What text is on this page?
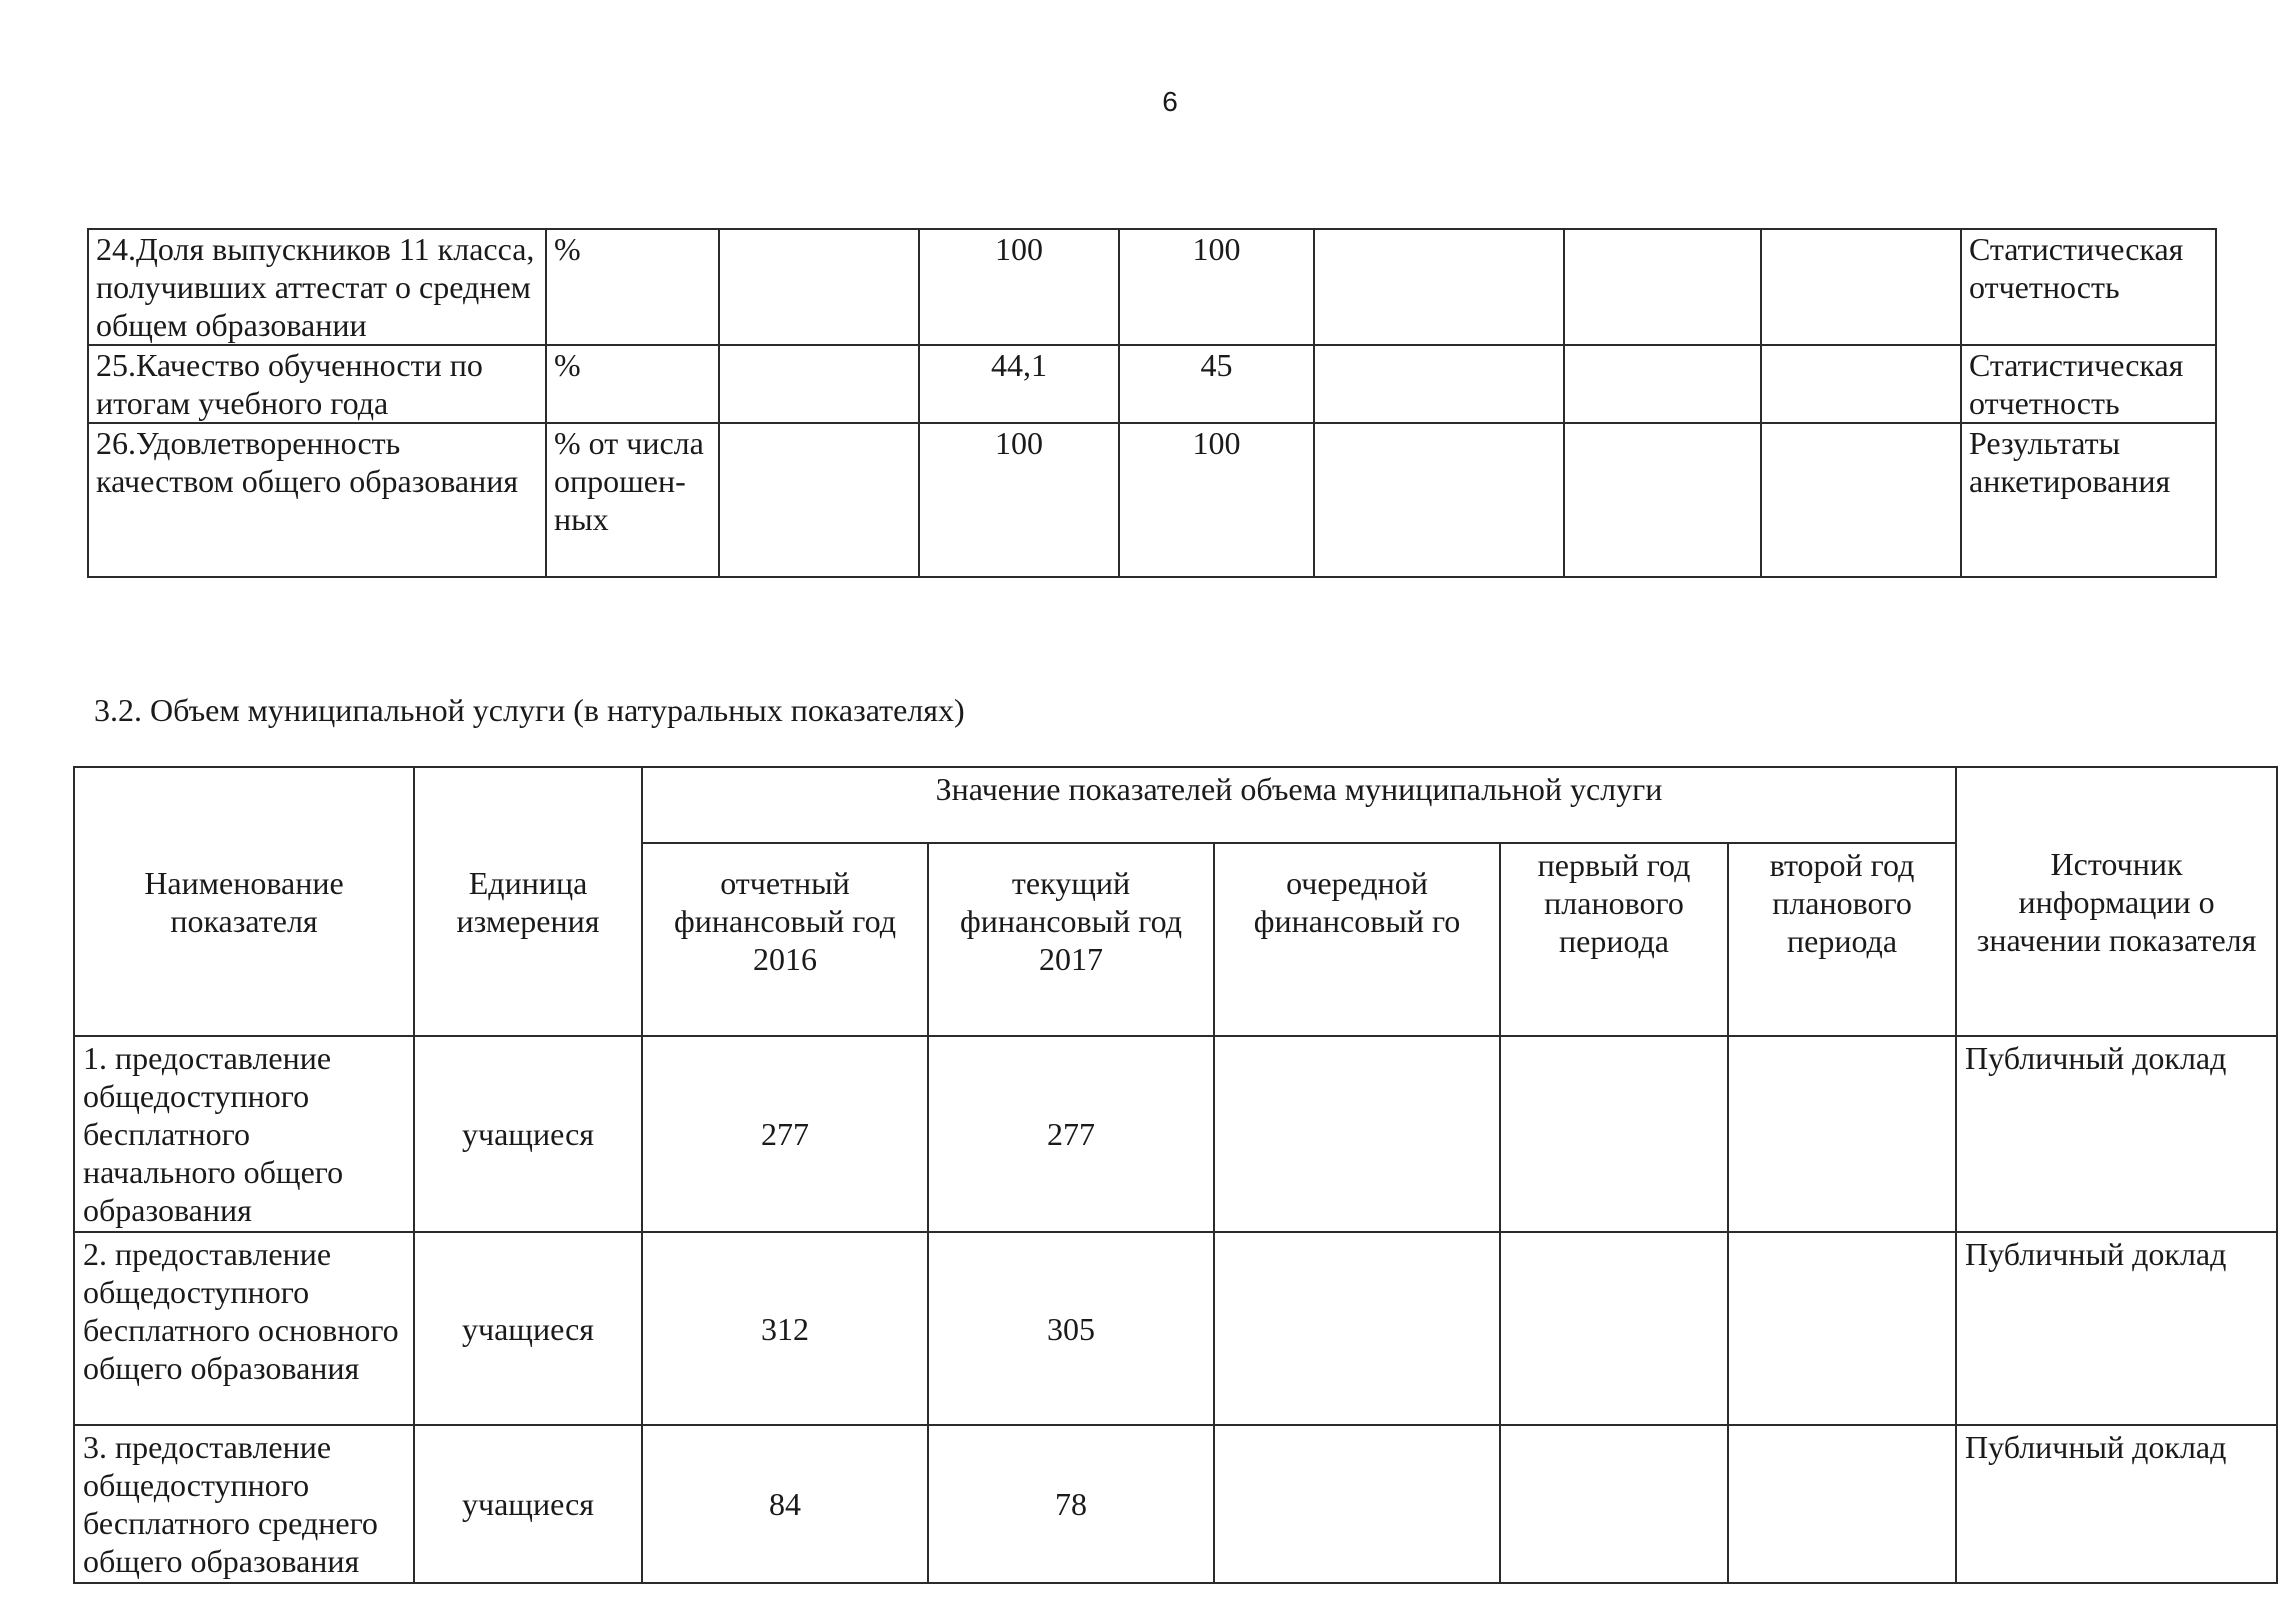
6
24.Доля выпускников 11 класса, получивших аттестат о среднем общем образовании	%		100	100				Статистическая отчетность
25.Качество обученности по итогам учебного года	%		44,1	45				Статистическая отчетность
26.Удовлетворенность качеством общего образования	% от числа опрошен-ных		100	100				Результаты анкетирования
3.2. Объем муниципальной услуги (в натуральных показателях)
Наименование показателя	Единица измерения	Значение показателей объема муниципальной услуги					Источник информации о значении показателя
		отчетный финансовый год 2016	текущий финансовый год 2017	очередной финансовый го	первый год планового периода	второй год планового периода	
1. предоставление общедоступного бесплатного начального общего образования	учащиеся	277	277				Публичный доклад
2. предоставление общедоступного бесплатного основного общего образования	учащиеся	312	305				Публичный доклад
3. предоставление общедоступного бесплатного среднего общего образования	учащиеся	84	78				Публичный доклад
